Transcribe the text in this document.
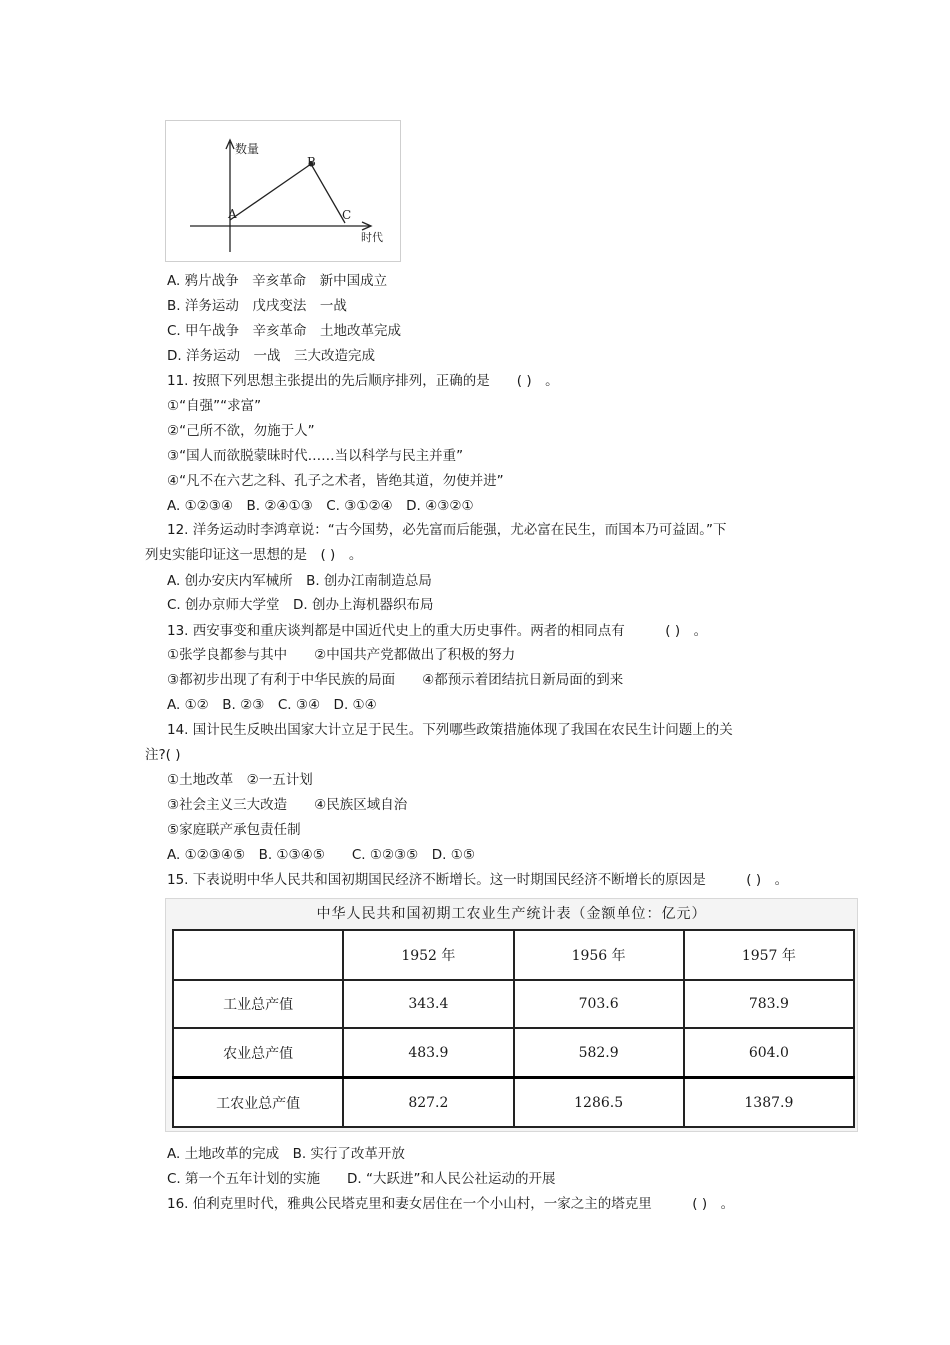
数量
时代
A
B
C
A. 鸦片战争　辛亥革命　新中国成立
B. 洋务运动　戊戌变法　一战
C. 甲午战争　辛亥革命　土地改革完成
D. 洋务运动　一战　三大改造完成
11. 按照下列思想主张提出的先后顺序排列，正确的是　　( )　。
①“自强”“求富”
②“己所不欲，勿施于人”
③“国人而欲脱蒙昧时代……当以科学与民主并重”
④“凡不在六艺之科、孔子之术者，皆绝其道，勿使并进”
A. ①②③④　B. ②④①③　C. ③①②④　D. ④③②①
12. 洋务运动时李鸿章说：“古今国势，必先富而后能强，尤必富在民生，而国本乃可益固。”下
列史实能印证这一思想的是　( )　。
A. 创办安庆内军械所　B. 创办江南制造总局
C. 创办京师大学堂　D. 创办上海机器织布局
13. 西安事变和重庆谈判都是中国近代史上的重大历史事件。两者的相同点有　　　( )　。
①张学良都参与其中　　②中国共产党都做出了积极的努力
③都初步出现了有利于中华民族的局面　　④都预示着团结抗日新局面的到来
A. ①②　B. ②③　C. ③④　D. ①④
14. 国计民生反映出国家大计立足于民生。下列哪些政策措施体现了我国在农民生计问题上的关
注?( )
①土地改革　②一五计划
③社会主义三大改造　　④民族区域自治
⑤家庭联产承包责任制
A. ①②③④⑤　B. ①③④⑤　　C. ①②③⑤　D. ①⑤
15. 下表说明中华人民共和国初期国民经济不断增长。这一时期国民经济不断增长的原因是　　　( )　。
中华人民共和国初期工农业生产统计表（金额单位：亿元）
	1952 年	1956 年	1957 年
工业总产值	343.4	703.6	783.9
农业总产值	483.9	582.9	604.0
工农业总产值	827.2	1286.5	1387.9
A. 土地改革的完成　B. 实行了改革开放
C. 第一个五年计划的实施　　D. “大跃进”和人民公社运动的开展
16. 伯利克里时代，雅典公民塔克里和妻女居住在一个小山村，一家之主的塔克里　　　( )　。
